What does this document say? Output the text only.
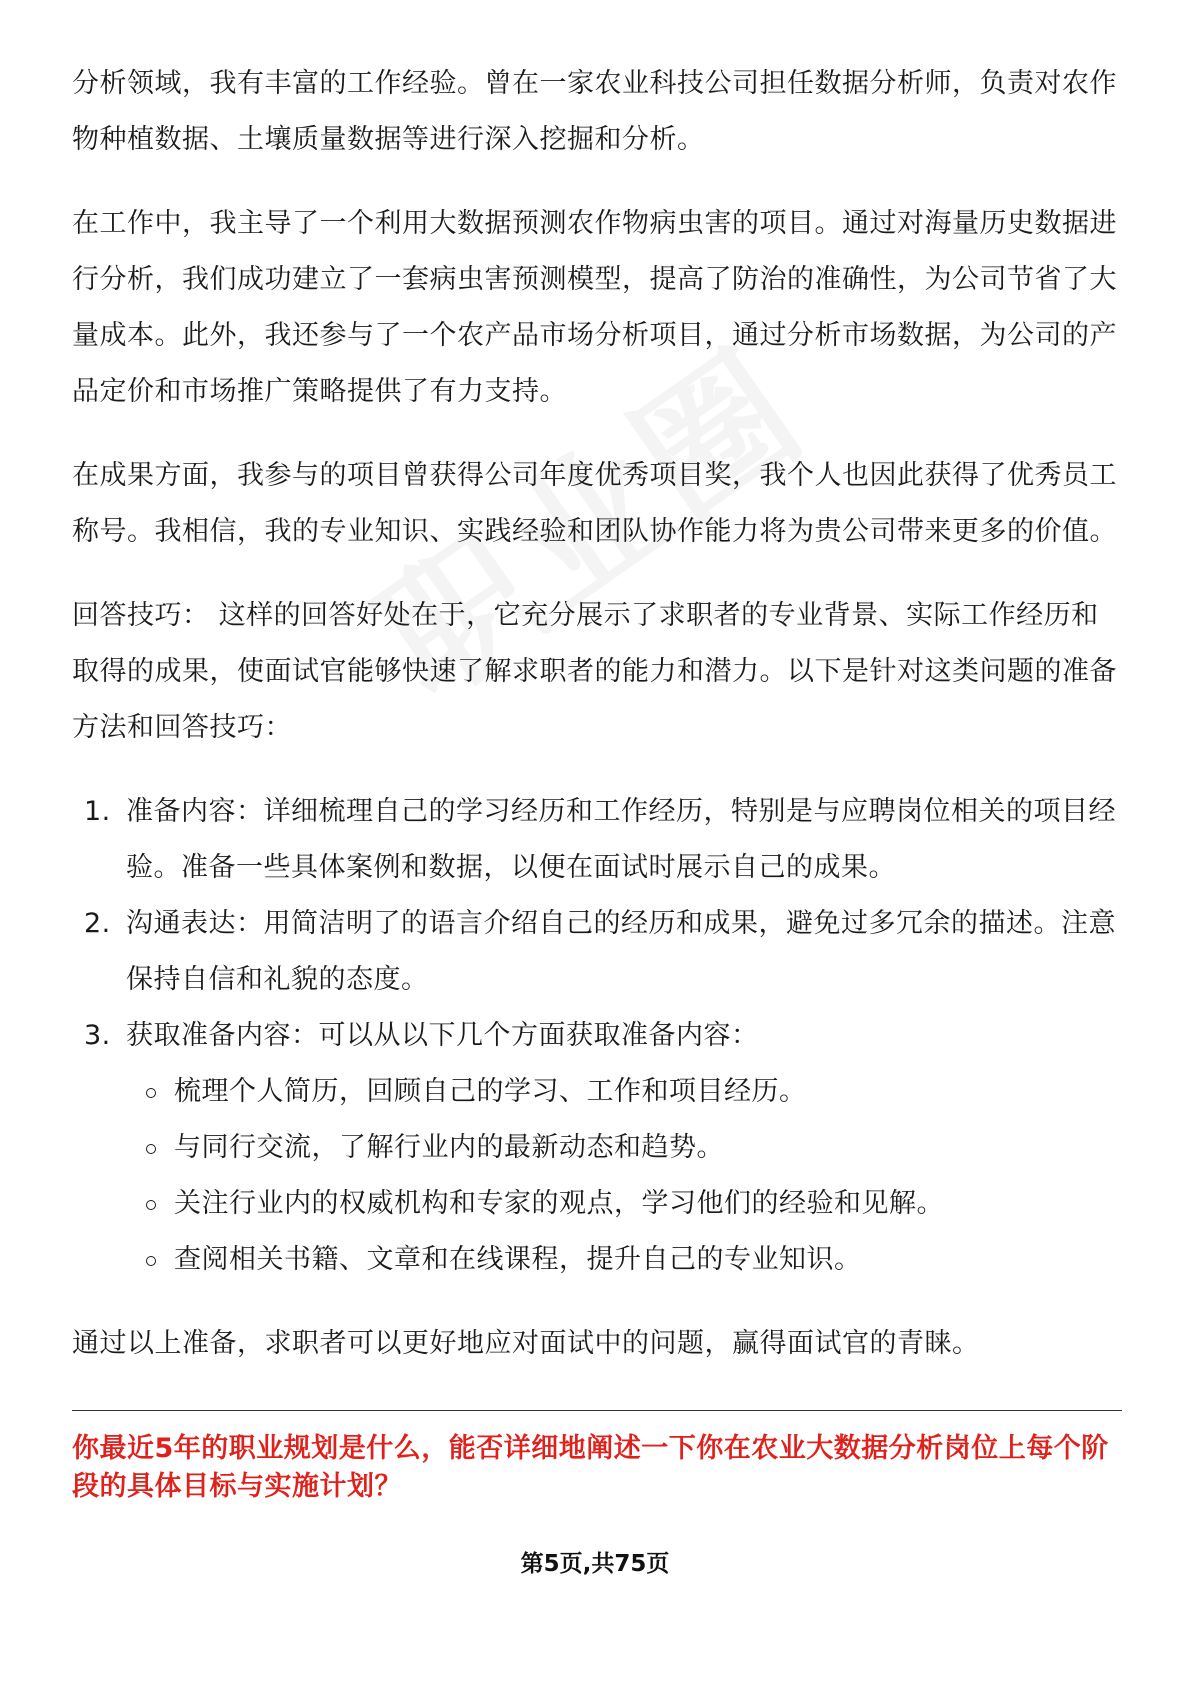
分析领域，我有丰富的工作经验。曾在一家农业科技公司担任数据分析师，负责对农作物种植数据、土壤质量数据等进行深入挖掘和分析。

在工作中，我主导了一个利用大数据预测农作物病虫害的项目。通过对海量历史数据进行分析，我们成功建立了一套病虫害预测模型，提高了防治的准确性，为公司节省了大量成本。此外，我还参与了一个农产品市场分析项目，通过分析市场数据，为公司的产品定价和市场推广策略提供了有力支持。

在成果方面，我参与的项目曾获得公司年度优秀项目奖，我个人也因此获得了优秀员工称号。我相信，我的专业知识、实践经验和团队协作能力将为贵公司带来更多的价值。

回答技巧： 这样的回答好处在于，它充分展示了求职者的专业背景、实际工作经历和取得的成果，使面试官能够快速了解求职者的能力和潜力。以下是针对这类问题的准备方法和回答技巧：

1. 准备内容：详细梳理自己的学习经历和工作经历，特别是与应聘岗位相关的项目经验。准备一些具体案例和数据，以便在面试时展示自己的成果。
2. 沟通表达：用简洁明了的语言介绍自己的经历和成果，避免过多冗余的描述。注意保持自信和礼貌的态度。
3. 获取准备内容：可以从以下几个方面获取准备内容：
梳理个人简历，回顾自己的学习、工作和项目经历。
与同行交流，了解行业内的最新动态和趋势。
关注行业内的权威机构和专家的观点，学习他们的经验和见解。
查阅相关书籍、文章和在线课程，提升自己的专业知识。

通过以上准备，求职者可以更好地应对面试中的问题，赢得面试官的青睐。

你最近5年的职业规划是什么，能否详细地阐述一下你在农业大数据分析岗位上每个阶段的具体目标与实施计划？
第5页,共75页
